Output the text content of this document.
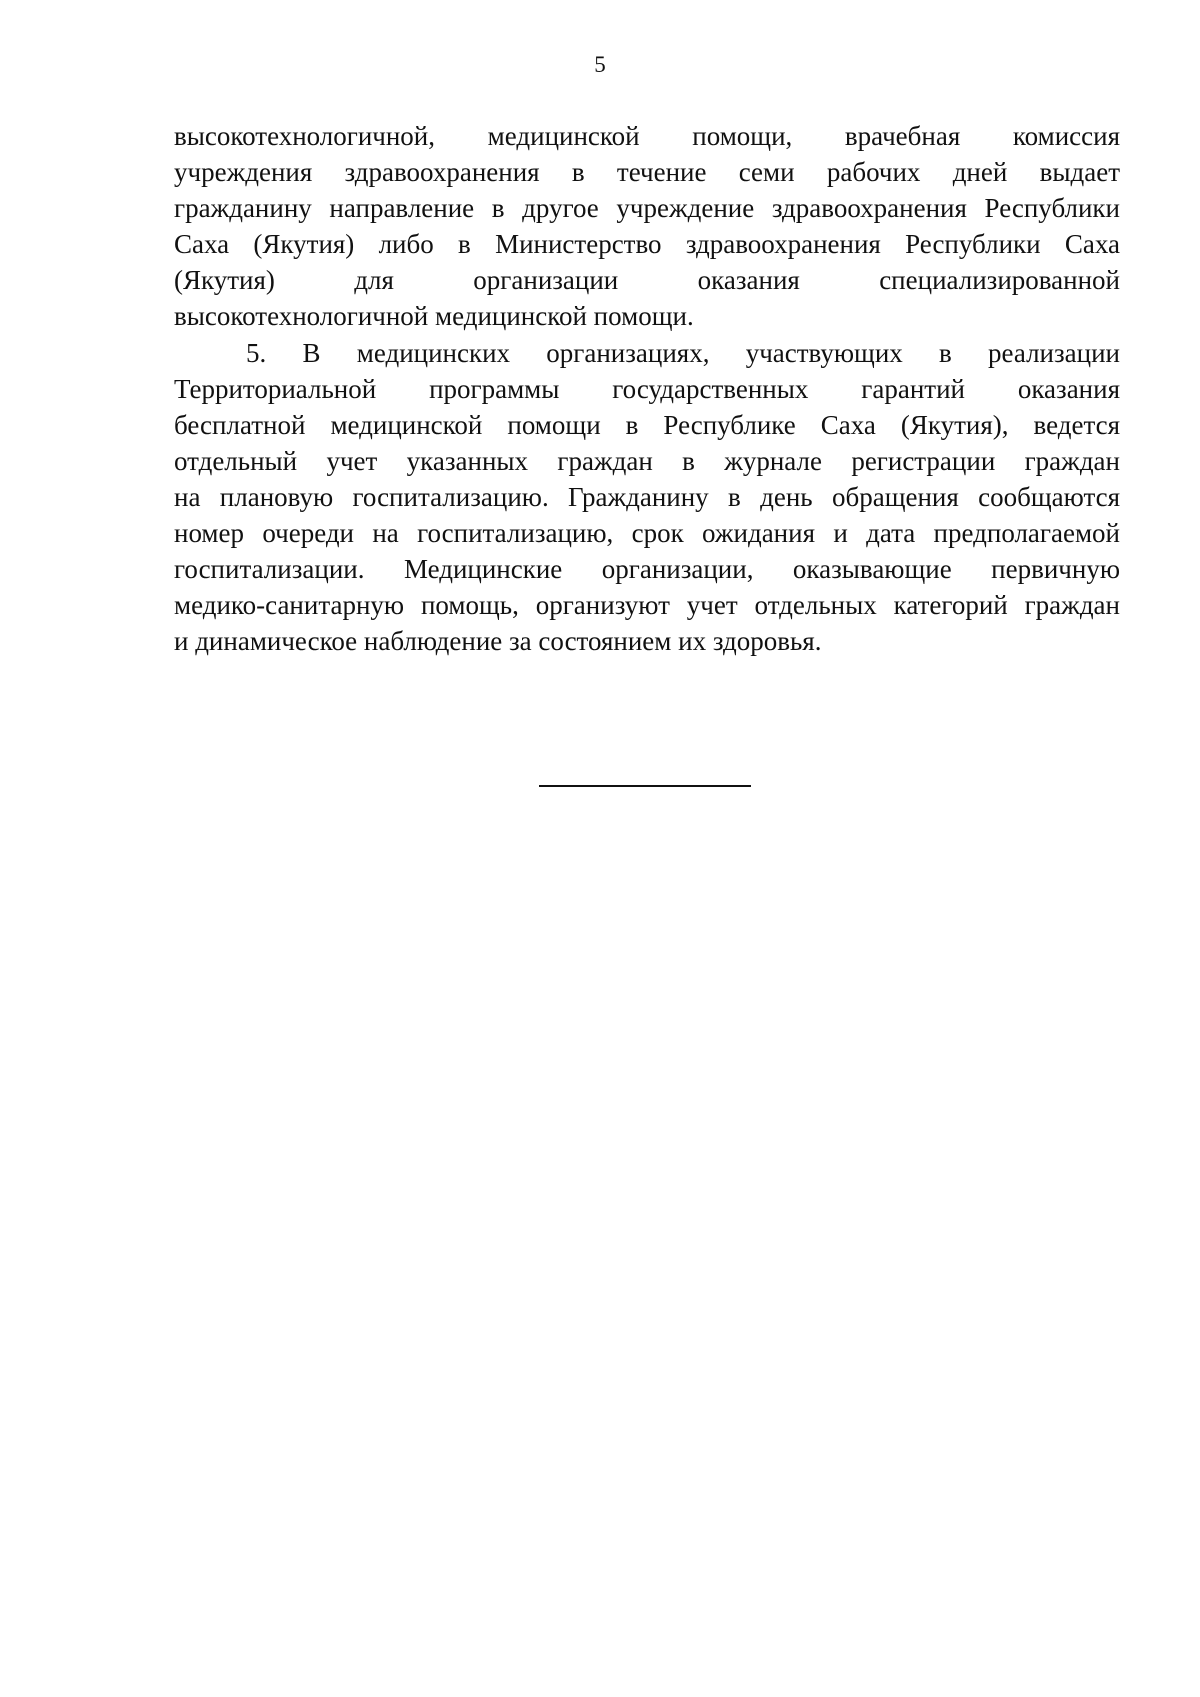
5
высокотехнологичной, медицинской помощи, врачебная комиссия
учреждения здравоохранения в течение семи рабочих дней выдает
гражданину направление в другое учреждение здравоохранения Республики
Саха (Якутия) либо в Министерство здравоохранения Республики Саха
(Якутия) для организации оказания специализированной
высокотехнологичной медицинской помощи.
5. В медицинских организациях, участвующих в реализации
Территориальной программы государственных гарантий оказания
бесплатной медицинской помощи в Республике Саха (Якутия), ведется
отдельный учет указанных граждан в журнале регистрации граждан
на плановую госпитализацию. Гражданину в день обращения сообщаются
номер очереди на госпитализацию, срок ожидания и дата предполагаемой
госпитализации. Медицинские организации, оказывающие первичную
медико-санитарную помощь, организуют учет отдельных категорий граждан
и динамическое наблюдение за состоянием их здоровья.
